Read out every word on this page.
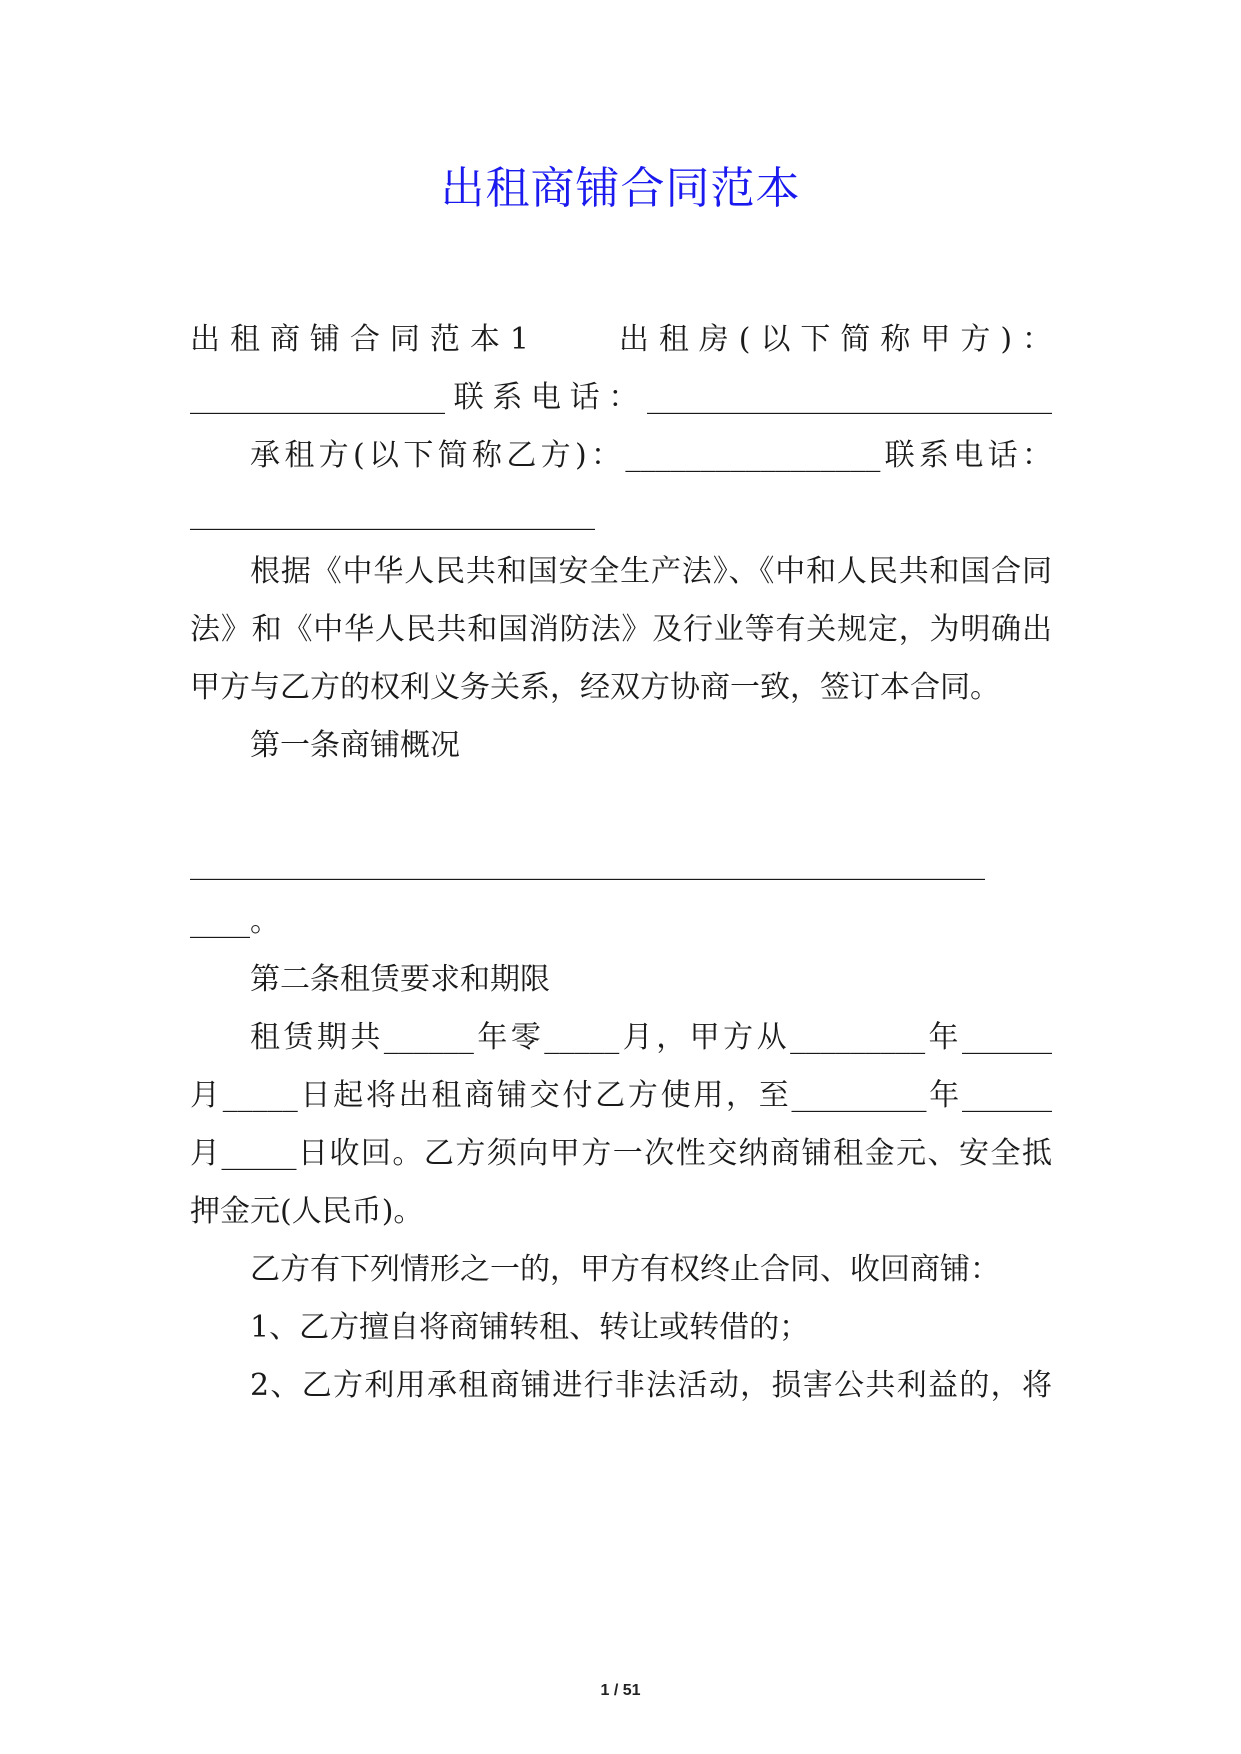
出租商铺合同范本
出租商铺合同范本1　　出租房(以下简称甲方)：
_________________联系电话：___________________________
承租方(以下简称乙方)：_________________联系电话：
___________________________
根据《中华人民共和国安全生产法》、《中和人民共和国合同
法》和《中华人民共和国消防法》及行业等有关规定，为明确出
甲方与乙方的权利义务关系，经双方协商一致，签订本合同。
第一条商铺概况
_____________________________________________________
____。
第二条租赁要求和期限
租赁期共______年零_____月，甲方从_________年______
月_____日起将出租商铺交付乙方使用，至_________年______
月_____日收回。乙方须向甲方一次性交纳商铺租金元、安全抵
押金元(人民币)。
乙方有下列情形之一的，甲方有权终止合同、收回商铺：
1、乙方擅自将商铺转租、转让或转借的；
2、乙方利用承租商铺进行非法活动，损害公共利益的，将
1 / 51
